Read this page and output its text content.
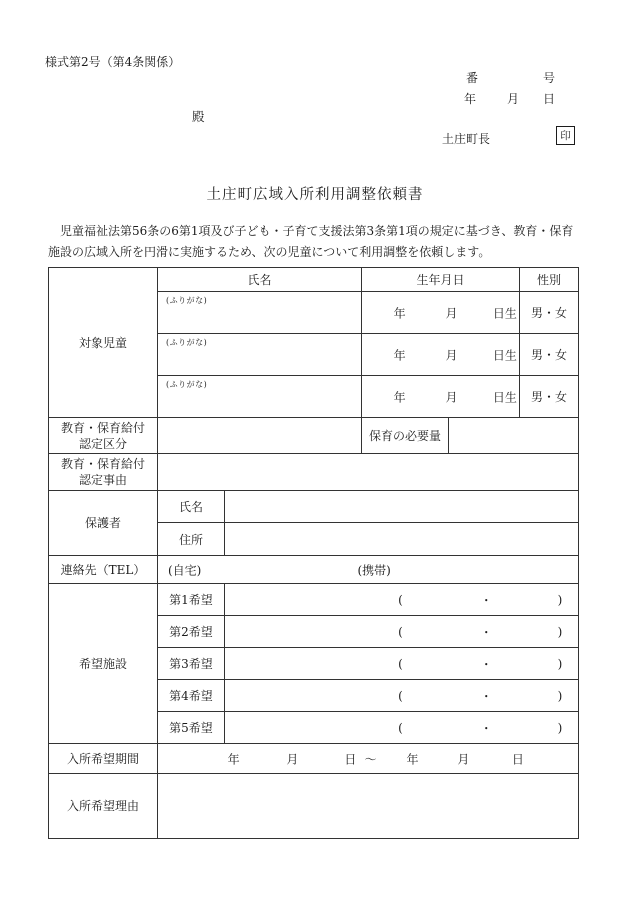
様式第2号（第4条関係）
番	号
年	月 日
殿
土庄町長	印
土庄町広域入所利用調整依頼書
　児童福祉法第56条の6第1項及び子ども・子育て支援法第3条第1項の規定に基づき、教育・保育
施設の広域入所を円滑に実施するため、次の児童について利用調整を依頼します。
対象児童	氏名		生年月日		性別

	(ふりがな)		年 月 日生		男・女

	(ふりがな)		年 月 日生		男・女

	(ふりがな)		年 月 日生		男・女

教育・保育給付
認定区分			保育の必要量		

教育・保育給付
認定事由					

保護者	氏名				
	住所				
連絡先（TEL）	(自宅) (携帯)				

希望施設	第1希望	( ・ )			

	第2希望	( ・ )			

	第3希望	( ・ )			

	第4希望	( ・ )			

	第5希望	( ・ )			

入所希望期間	年	月	日 ～ 年	月	日

入所希望理由					
